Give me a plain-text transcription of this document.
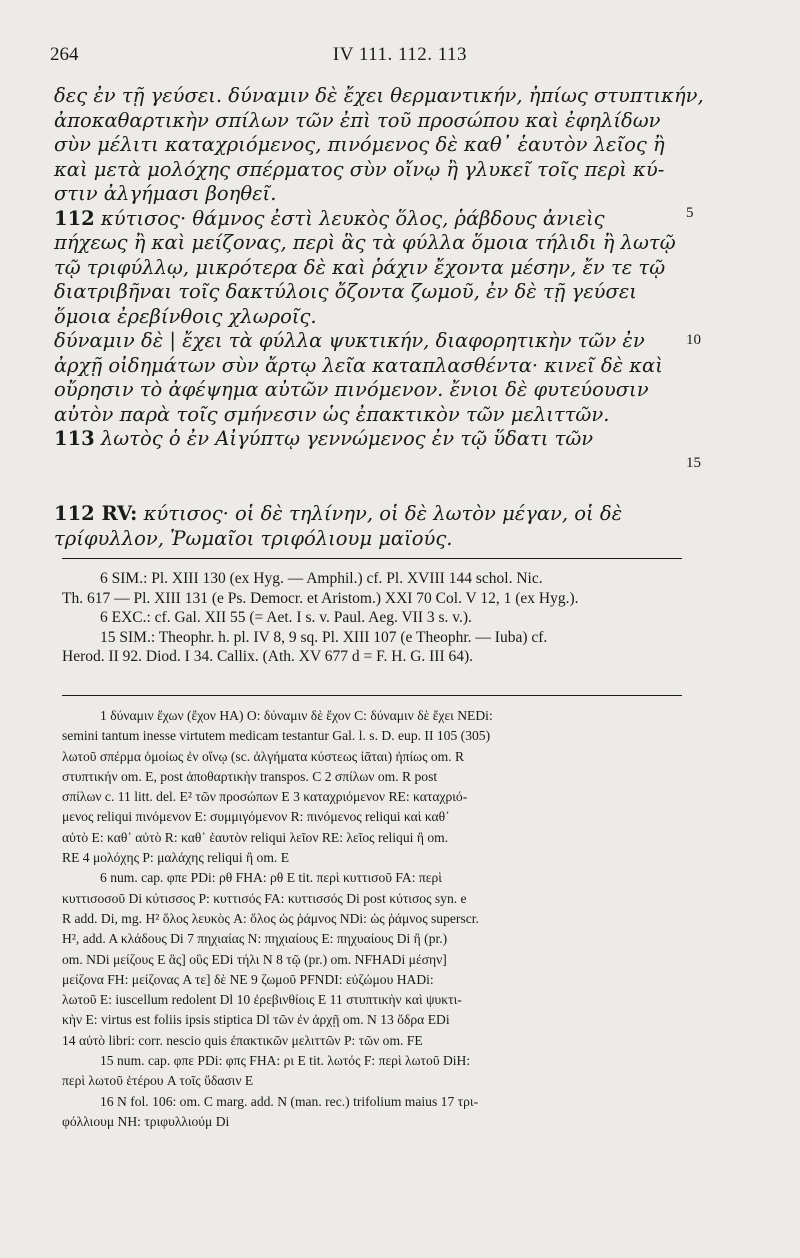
264	IV 111. 112. 113
δες ἐν τῇ γεύσει. δύναμιν δὲ ἔχει θερμαντικήν, ἠπίως στυπτικήν,
ἀποκαθαρτικὴν σπίλων τῶν ἐπὶ τοῦ προσώπου καὶ ἐφηλίδων
σὺν μέλιτι καταχριόμενος, πινόμενος δὲ καθ᾽ ἑαυτὸν λεῖος ἢ
καὶ μετὰ μολόχης σπέρματος σὺν οἴνῳ ἢ γλυκεῖ τοῖς περὶ κύ-
στιν ἀλγήμασι βοηθεῖ.
112 κύτισος· θάμνος ἐστὶ λευκὸς ὅλος, ῥάβδους ἀνιεὶς
πήχεως ἢ καὶ μείζονας, περὶ ἃς τὰ φύλλα ὅμοια τήλιδι ἢ λωτῷ
τῷ τριφύλλῳ, μικρότερα δὲ καὶ ῥάχιν ἔχοντα μέσην, ἔν τε τῷ
διατριβῆναι τοῖς δακτύλοις ὄζοντα ζωμοῦ, ἐν δὲ τῇ γεύσει
ὅμοια ἐρεβίνθοις χλωροῖς.
δύναμιν δὲ | ἔχει τὰ φύλλα ψυκτικήν, διαφορητικὴν τῶν ἐν
ἀρχῇ οἰδημάτων σὺν ἄρτῳ λεῖα καταπλασθέντα· κινεῖ δὲ καὶ
οὔρησιν τὸ ἀφέψημα αὐτῶν πινόμενον. ἔνιοι δὲ φυτεύουσιν
αὐτὸν παρὰ τοῖς σμήνεσιν ὡς ἐπακτικὸν τῶν μελιττῶν.
113 λωτὸς ὁ ἐν Αἰγύπτῳ γεννώμενος ἐν τῷ ὕδατι τῶν
5
10
15
112 RV: κύτισος· οἱ δὲ τηλίνην, οἱ δὲ λωτὸν μέγαν, οἱ δὲ
τρίφυλλον, Ῥωμαῖοι τριφόλιουμ μαϊούς.
6 SIM.: Pl. XIII 130 (ex Hyg. — Amphil.) cf. Pl. XVIII 144 schol. Nic.
Th. 617 — Pl. XIII 131 (e Ps. Democr. et Aristom.) XXI 70 Col. V 12, 1 (ex Hyg.).
6 EXC.: cf. Gal. XII 55 (= Aet. I s. v. Paul. Aeg. VII 3 s. v.).
15 SIM.: Theophr. h. pl. IV 8, 9 sq. Pl. XIII 107 (e Theophr. — Iuba) cf.
Herod. II 92. Diod. I 34. Callix. (Ath. XV 677 d = F. H. G. III 64).
1 δύναμιν ἔχων (ἔχον HA) O: δύναμιν δὲ ἔχον C: δύναμιν δὲ ἔχει NEDi:
semini tantum inesse virtutem medicam testantur Gal. l. s. D. eup. II 105 (305)
λωτοῦ σπέρμα ὁμοίως ἐν οἴνῳ (sc. ἀλγήματα κύστεως ἰᾶται) ἠπίως om. R
στυπτικήν om. E, post ἀποθαρτικὴν transpos. C 2 σπίλων om. R post
σπίλων c. 11 litt. del. E² τῶν προσώπων E 3 καταχριόμενον RE: καταχριό-
μενος reliqui πινόμενον E: συμμιγόμενον R: πινόμενος reliqui καὶ καθ᾽
αὐτὸ E: καθ᾽ αὐτὸ R: καθ᾽ ἑαυτὸν reliqui λεῖον RE: λεῖος reliqui ἢ om.
RE 4 μολόχης P: μαλάχης reliqui ἢ om. E
6 num. cap. φπε PDi: ρθ FHA: ρθ E tit. περὶ κυττισοῦ FA: περὶ
κυττισοσοῦ Di κύτισσος P: κυττισός FA: κυττισσός Di post κύτισος syn. e
R add. Di, mg. H² ὅλος λευκὸς A: ὅλος ὡς ῥάμνος NDi: ὡς ῥάμνος superscr.
H², add. A κλάδους Di 7 πηχιαίας N: πηχιαίους E: πηχυαίους Di ἢ (pr.)
om. NDi μείζους E ἃς] οὓς EDi τήλι N 8 τῷ (pr.) om. NFHADi μέσην]
μείζονα FH: μείζονας A τε] δὲ NE 9 ζωμοῦ PFNDI: εὐζώμου HADi:
λωτοῦ E: iuscellum redolent Dl 10 ἐρεβινθίοις E 11 στυπτικὴν καὶ ψυκτι-
κὴν E: virtus est foliis ipsis stiptica Dl τῶν ἐν ἀρχῇ om. N 13 ὄδρα EDi
14 αὐτὸ libri: corr. nescio quis ἐπακτικῶν μελιττῶν P: τῶν om. FE
15 num. cap. φπε PDi: φπς FHA: ρι E tit. λωτός F: περὶ λωτοῦ DiH:
περὶ λωτοῦ ἑτέρου A τοῖς ὕδασιν E
16 N fol. 106: om. C marg. add. N (man. rec.) trifolium maius 17 τρι-
φόλλιουμ NH: τριφυλλιούμ Di
